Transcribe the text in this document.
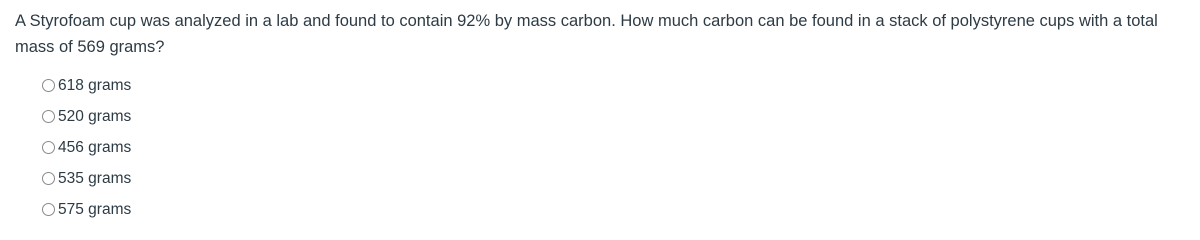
A Styrofoam cup was analyzed in a lab and found to contain 92% by mass carbon. How much carbon can be found in a stack of polystyrene cups with a total mass of 569 grams?
618 grams
520 grams
456 grams
535 grams
575 grams
